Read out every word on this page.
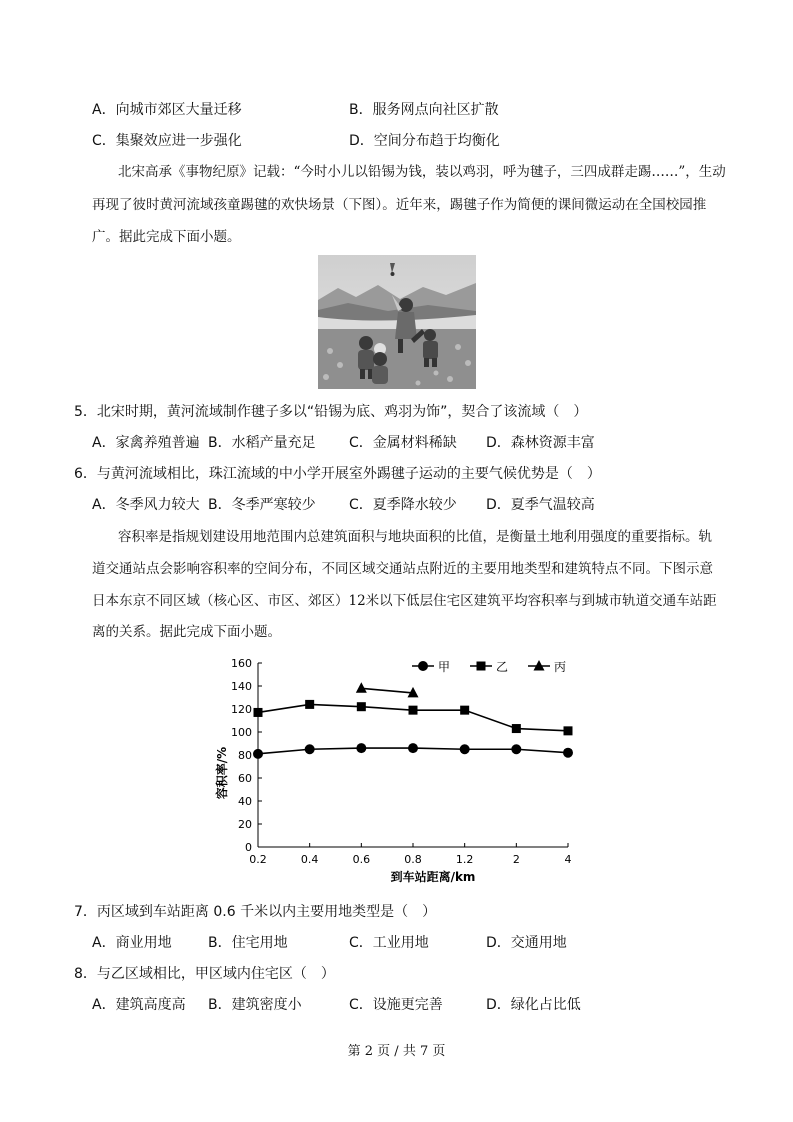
A．向城市郊区大量迁移	B．服务网点向社区扩散
C．集聚效应进一步强化	D．空间分布趋于均衡化
北宋高承《事物纪原》记载：“今时小儿以铅锡为钱，装以鸡羽，呼为毽子，三四成群走踢……”，生动
再现了彼时黄河流域孩童踢毽的欢快场景（下图）。近年来，踢毽子作为简便的课间微运动在全国校园推
广。据此完成下面小题。
5．北宋时期，黄河流域制作毽子多以“铅锡为底、鸡羽为饰”，契合了该流域（　）
A．家禽养殖普遍 B．水稻产量充足 C．金属材料稀缺 D．森林资源丰富
6．与黄河流域相比，珠江流域的中小学开展室外踢毽子运动的主要气候优势是（　）
A．冬季风力较大 B．冬季严寒较少 C．夏季降水较少 D．夏季气温较高
容积率是指规划建设用地范围内总建筑面积与地块面积的比值，是衡量土地利用强度的重要指标。轨
道交通站点会影响容积率的空间分布，不同区域交通站点附近的主要用地类型和建筑特点不同。下图示意
日本东京不同区域（核心区、市区、郊区）12米以下低层住宅区建筑平均容积率与到城市轨道交通车站距
离的关系。据此完成下面小题。
0
20
40
60
80
100
120
140
160
0.2	0.4	0.6	0.8	1.2	2	4
到车站距离/km
容积率/%
甲	乙	丙
7．丙区域到车站距离 0.6 千米以内主要用地类型是（　）
A．商业用地	B．住宅用地	C．工业用地	D．交通用地
8．与乙区域相比，甲区域内住宅区（　）
A．建筑高度高 B．建筑密度小	C．设施更完善	D．绿化占比低
第 2 页 / 共 7 页
